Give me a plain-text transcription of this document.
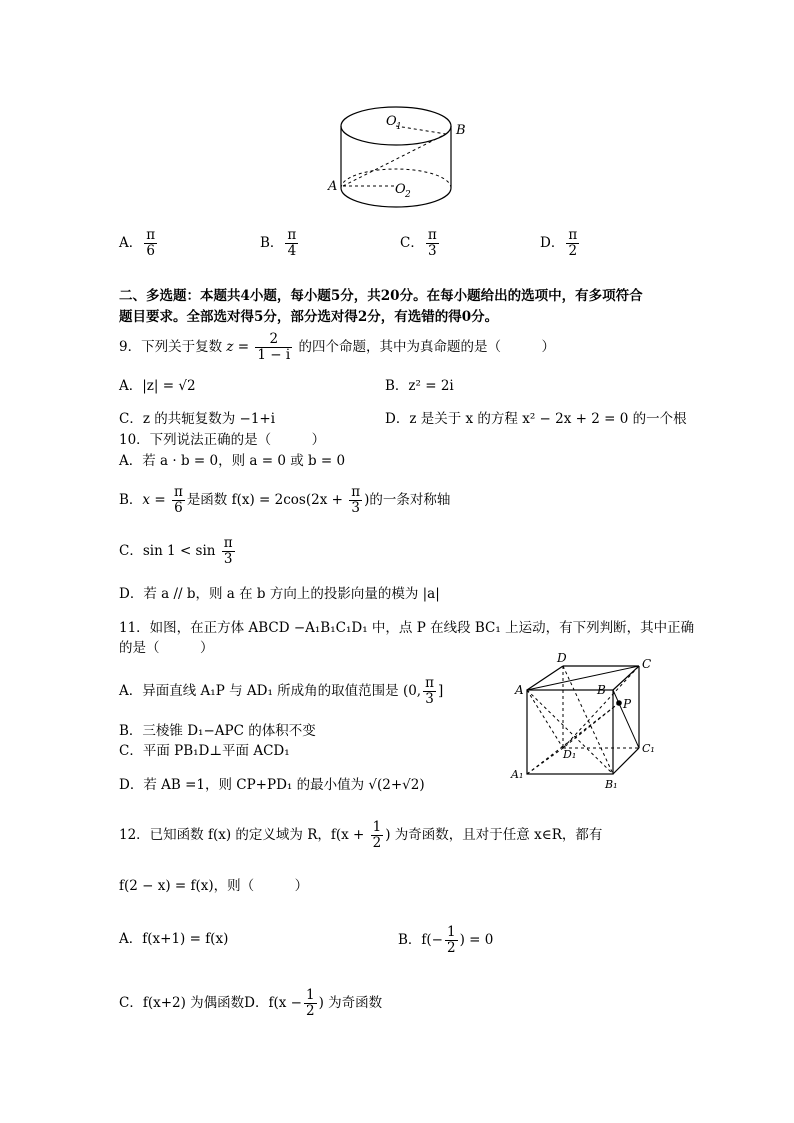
O 1	B
A	O 2
A． $\frac{\pi}{6}$	B． $\frac{\pi}{4}$	C． $\frac{\pi}{3}$	D． $\frac{\pi}{2}$
二、多选题：本题共4小题，每小题5分，共20分。在每小题给出的选项中，有多项符合
题目要求。全部选对得5分，部分选对得2分，有选错的得0分。
9．下列关于复数 $z = \frac{2}{1 - i}$ 的四个命题，其中为真命题的是（　　　）
A．|z| = √2	B．z² = 2i
C．z 的共轭复数为 −1+i	D．z 是关于 x 的方程 x² − 2x + 2 = 0 的一个根
10．下列说法正确的是（　　　）
A．若 a · b = 0，则 a = 0 或 b = 0
B．$x = \frac{\pi}{6}$ 是函数 $f(x) = 2\cos(2x + \frac{\pi}{3}$ )的一条对称轴
C．$\sin 1 < \sin \frac{\pi}{3}$
D．若 a // b，则 a 在 b 方向上的投影向量的模为 |a|
11．如图，在正方体 ABCD −A₁B₁C₁D₁ 中，点 P 在线段 BC₁ 上运动，有下列判断，其中正确
的是（　　　）
A．异面直线 A₁P 与 AD₁ 所成角的取值范围是 (0, $\frac{\pi}{3}$ ]
B．三棱锥 D₁−APC 的体积不变
C．平面 PB₁D⊥平面 ACD₁
D．若 AB =1，则 CP+PD₁ 的最小值为 √(2+√2)
D	C
A	B
P
D₁	C₁
A₁
B₁
12．已知函数 f(x) 的定义域为 R，$f(x + \frac{1}{2}$ ) 为奇函数，且对于任意 x∈R，都有
f(2 − x) = f(x)，则（　　　）
A．f(x+1) = f(x)	B．$f(- \frac{1}{2}$ ) = 0
C．f(x+2) 为偶函数D．$f(x - \frac{1}{2}$ ) 为奇函数
